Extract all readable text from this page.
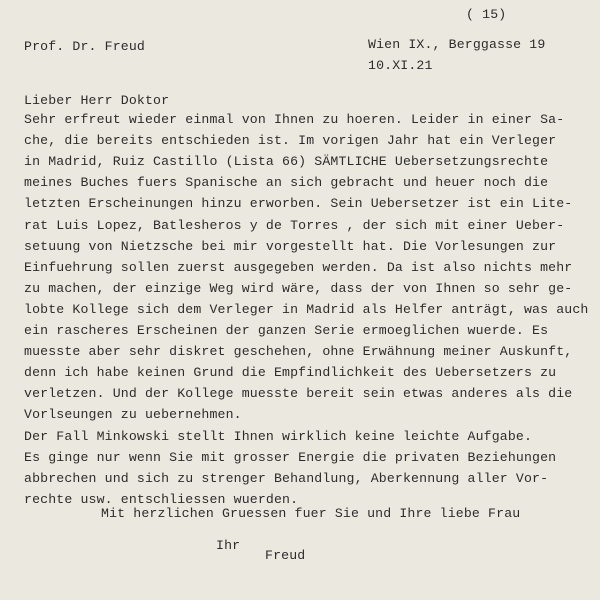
( 15)
Prof. Dr. Freud	Wien IX., Berggasse 19
10.XI.21
Lieber Herr Doktor
Sehr erfreut wieder einmal von Ihnen zu hoeren. Leider in einer Sa-
che, die bereits entschieden ist. Im vorigen Jahr hat ein Verleger
in Madrid, Ruiz Castillo (Lista 66) SÄMTLICHE Uebersetzungsrechte
meines Buches fuers Spanische an sich gebracht und heuer noch die
letzten Erscheinungen hinzu erworben. Sein Uebersetzer ist ein Lite-
rat Luis Lopez, Batlesheros y de Torres , der sich mit einer Ueber-
setuung von Nietzsche bei mir vorgestellt hat. Die Vorlesungen zur
Einfuehrung sollen zuerst ausgegeben werden. Da ist also nichts mehr
zu machen, der einzige Weg wird wäre, dass der von Ihnen so sehr ge-
lobte Kollege sich dem Verleger in Madrid als Helfer anträgt, was auch
ein rascheres Erscheinen der ganzen Serie ermoeglichen wuerde. Es
muesste aber sehr diskret geschehen, ohne Erwähnung meiner Auskunft,
denn ich habe keinen Grund die Empfindlichkeit des Uebersetzers zu
verletzen. Und der Kollege muesste bereit sein etwas anderes als die
Vorlseungen zu uebernehmen.
Der Fall Minkowski stellt Ihnen wirklich keine leichte Aufgabe.
Es ginge nur wenn Sie mit grosser Energie die privaten Beziehungen
abbrechen und sich zu strenger Behandlung, Aberkennung aller Vor-
rechte usw. entschliessen wuerden.
Mit herzlichen Gruessen fuer Sie und Ihre liebe Frau
Ihr
Freud
